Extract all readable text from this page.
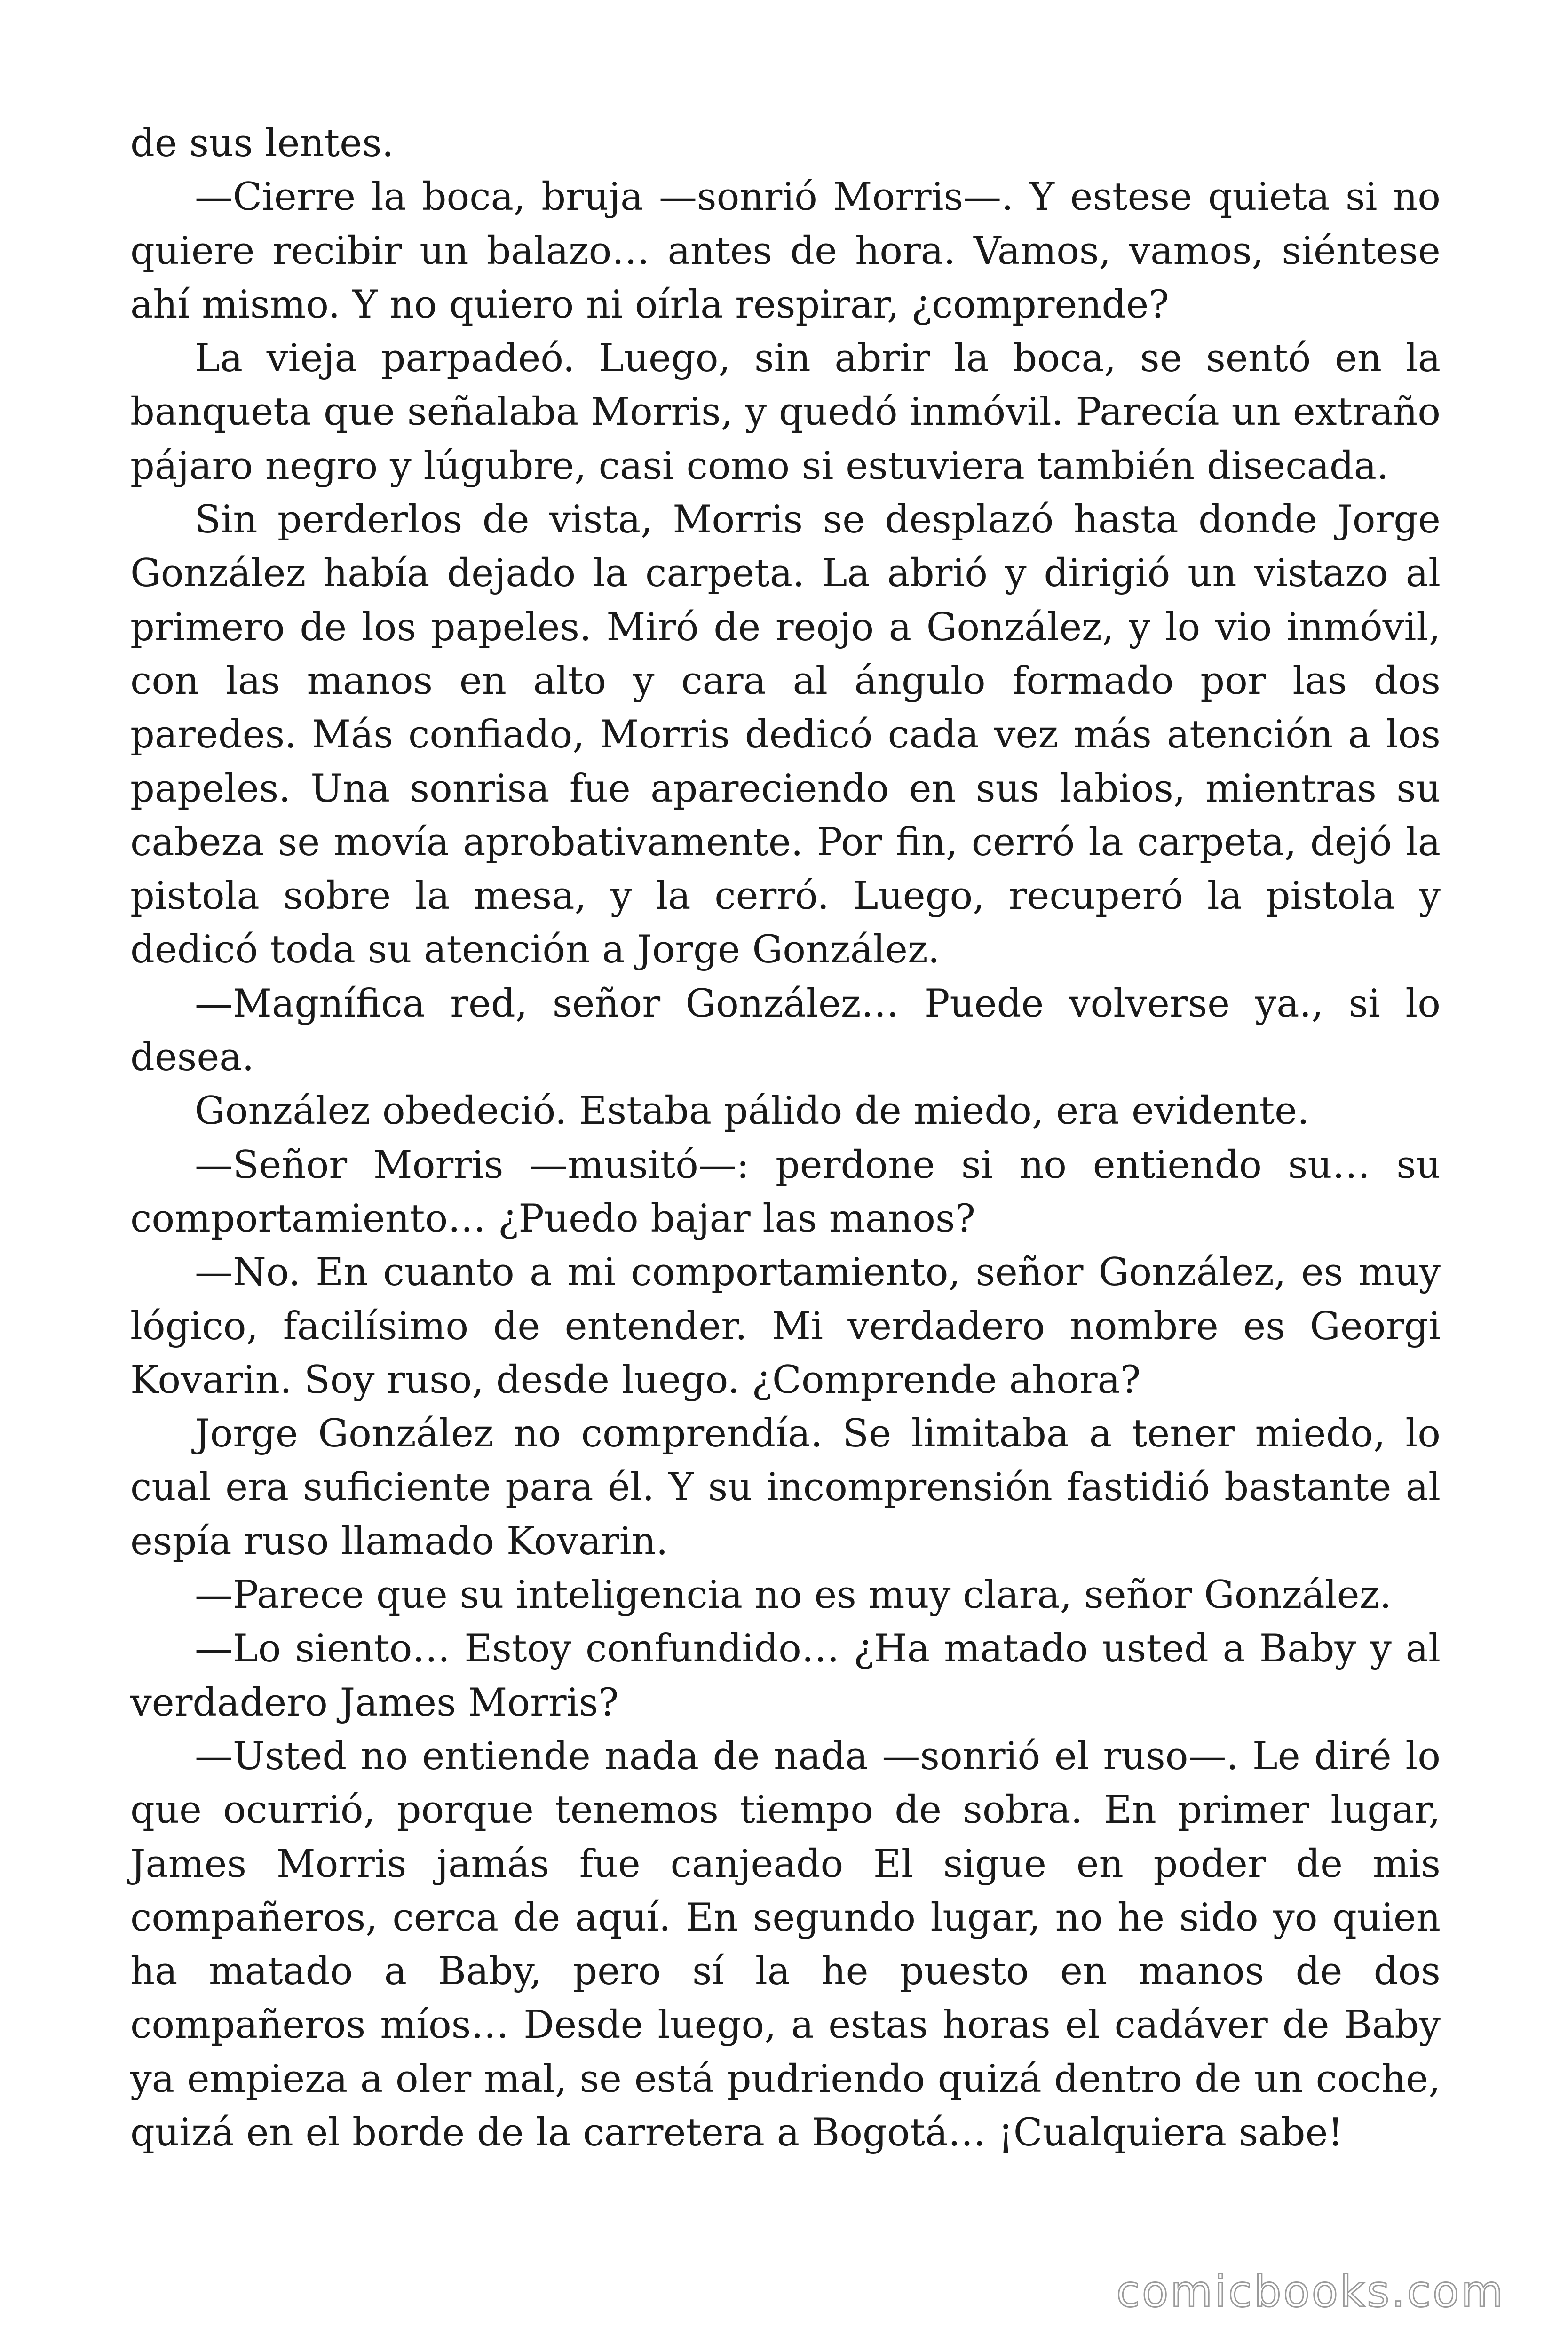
de sus lentes.

—Cierre la boca, bruja —sonrió Morris—. Y estese quieta si no quiere recibir un balazo… antes de hora. Vamos, vamos, siéntese ahí mismo. Y no quiero ni oírla respirar, ¿comprende?

La vieja parpadeó. Luego, sin abrir la boca, se sentó en la banqueta que señalaba Morris, y quedó inmóvil. Parecía un extraño pájaro negro y lúgubre, casi como si estuviera también disecada.

Sin perderlos de vista, Morris se desplazó hasta donde Jorge González había dejado la carpeta. La abrió y dirigió un vistazo al primero de los papeles. Miró de reojo a González, y lo vio inmóvil, con las manos en alto y cara al ángulo formado por las dos paredes. Más confiado, Morris dedicó cada vez más atención a los papeles. Una sonrisa fue apareciendo en sus labios, mientras su cabeza se movía aprobativamente. Por fin, cerró la carpeta, dejó la pistola sobre la mesa, y la cerró. Luego, recuperó la pistola y dedicó toda su atención a Jorge González.

—Magnífica red, señor González… Puede volverse ya., si lo desea.

González obedeció. Estaba pálido de miedo, era evidente.

—Señor Morris —musitó—: perdone si no entiendo su… su comportamiento… ¿Puedo bajar las manos?

—No. En cuanto a mi comportamiento, señor González, es muy lógico, facilísimo de entender. Mi verdadero nombre es Georgi Kovarin. Soy ruso, desde luego. ¿Comprende ahora?

Jorge González no comprendía. Se limitaba a tener miedo, lo cual era suficiente para él. Y su incomprensión fastidió bastante al espía ruso llamado Kovarin.

—Parece que su inteligencia no es muy clara, señor González.

—Lo siento… Estoy confundido… ¿Ha matado usted a Baby y al verdadero James Morris?

—Usted no entiende nada de nada —sonrió el ruso—. Le diré lo que ocurrió, porque tenemos tiempo de sobra. En primer lugar, James Morris jamás fue canjeado El sigue en poder de mis compañeros, cerca de aquí. En segundo lugar, no he sido yo quien ha matado a Baby, pero sí la he puesto en manos de dos compañeros míos… Desde luego, a estas horas el cadáver de Baby ya empieza a oler mal, se está pudriendo quizá dentro de un coche, quizá en el borde de la carretera a Bogotá… ¡Cualquiera sabe!

comicbooks.com
